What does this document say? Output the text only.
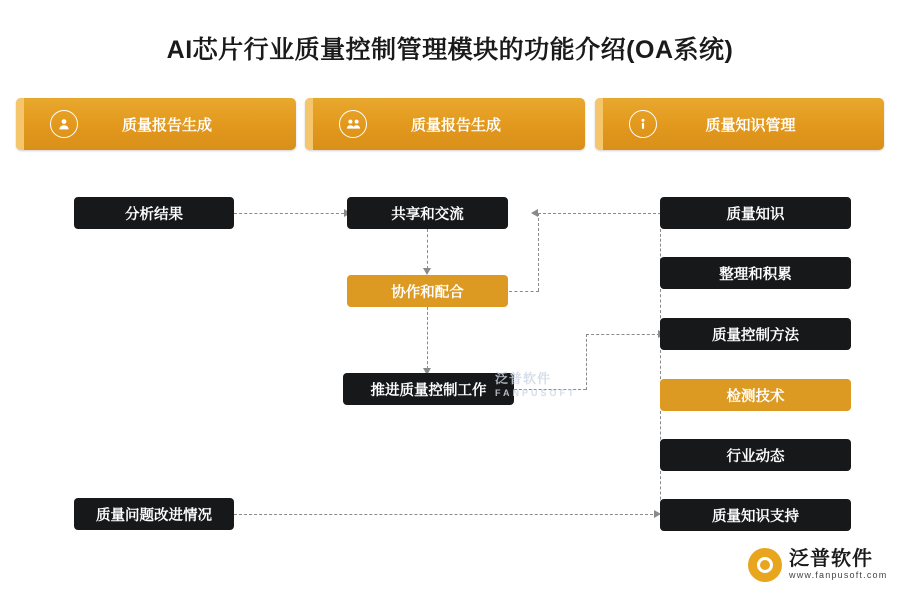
AI芯片行业质量控制管理模块的功能介绍(OA系统)
质量报告生成	质量报告生成	质量知识管理
分析结果	共享和交流	质量知识
协作和配合
整理和积累
质量控制方法
推进质量控制工作	检测技术
行业动态
质量问题改进情况	质量知识支持
泛普软件
FANPUSOFT
泛普软件
www.fanpusoft.com
